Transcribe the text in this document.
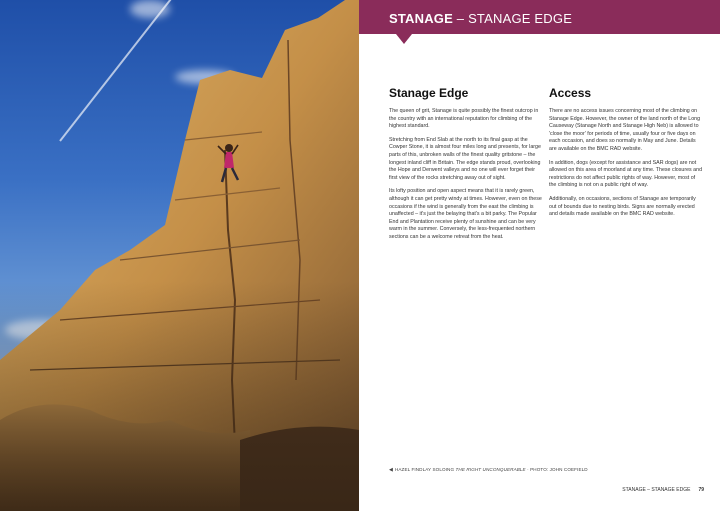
STANAGE – STANAGE EDGE
Stanage Edge

The queen of grit, Stanage is quite possibly the finest outcrop in the country with an international reputation for climbing of the highest standard.

Stretching from End Slab at the north to its final gasp at the Cowper Stone, it is almost four miles long and presents, for large parts of this, unbroken walls of the finest quality gritstone – the longest inland cliff in Britain. The edge stands proud, overlooking the Hope and Derwent valleys and no one will ever forget their first view of the rocks stretching away out of sight.

Its lofty position and open aspect means that it is rarely green, although it can get pretty windy at times. However, even on these occasions if the wind is generally from the east the climbing is unaffected – it's just the belaying that's a bit parky. The Popular End and Plantation receive plenty of sunshine and can be very warm in the summer. Conversely, the less-frequented northern sections can be a welcome retreat from the heat.

Access

There are no access issues concerning most of the climbing on Stanage Edge. However, the owner of the land north of the Long Causeway (Stanage North and Stanage High Neb) is allowed to 'close the moor' for periods of time, usually four or five days on each occasion, and does so normally in May and June. Details are available on the BMC RAD website.

In addition, dogs (except for assistance and SAR dogs) are not allowed on this area of moorland at any time. These closures and restrictions do not affect public rights of way. However, most of the climbing is not on a public right of way.

Additionally, on occasions, sections of Stanage are temporarily out of bounds due to nesting birds. Signs are normally erected and details made available on the BMC RAD website.

◀ HAZEL FINDLAY SOLOING THE RIGHT UNCONQUERABLE · PHOTO: JOHN COEFIELD
STANAGE – STANAGE EDGE 79
